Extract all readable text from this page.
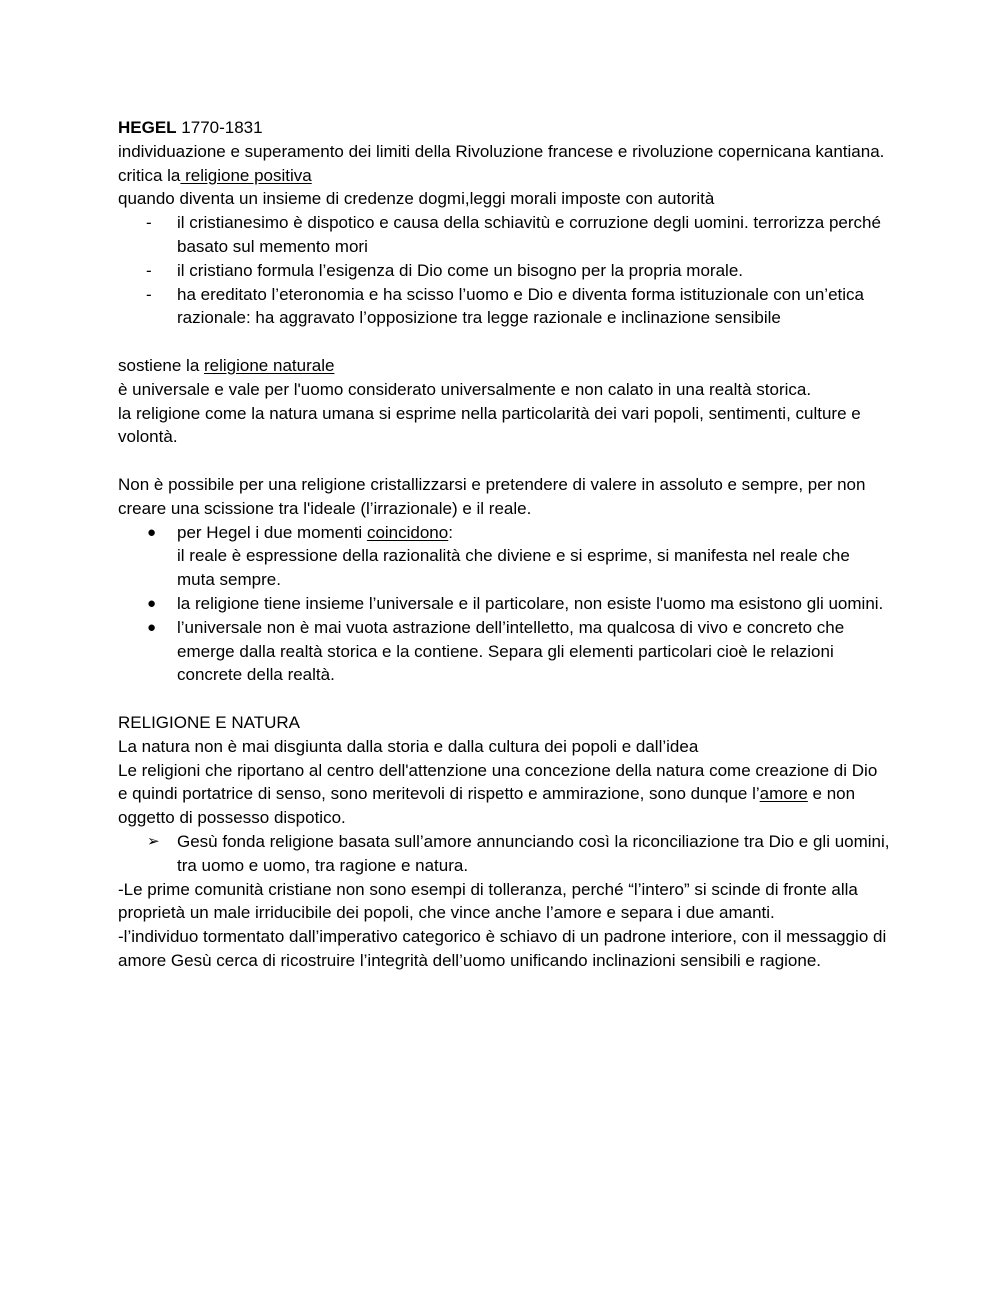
HEGEL 1770-1831

individuazione e superamento dei limiti della Rivoluzione francese e rivoluzione copernicana kantiana.

critica la religione positiva

quando diventa un insieme di credenze dogmi,leggi morali imposte con autorità

-	il cristianesimo è dispotico e causa della schiavitù e corruzione degli uomini. terrorizza perché basato sul memento mori
-	il cristiano formula l’esigenza di Dio come un bisogno per la propria morale.
-	ha ereditato l’eteronomia e ha scisso l’uomo e Dio e diventa forma istituzionale con un’etica razionale: ha aggravato l’opposizione tra legge razionale e inclinazione sensibile

sostiene la religione naturale

è universale e vale per l'uomo considerato universalmente e non calato in una realtà storica.

la religione come la natura umana si esprime nella particolarità dei vari popoli, sentimenti, culture e volontà.

Non è possibile per una religione cristallizzarsi e pretendere di valere in assoluto e sempre, per non creare una scissione tra l'ideale (l’irrazionale) e il reale.

●	per Hegel i due momenti coincidono:
il reale è espressione della razionalità che diviene e si esprime, si manifesta nel reale che muta sempre.
●	la religione tiene insieme l’universale e il particolare, non esiste l'uomo ma esistono gli uomini.
●	l’universale non è mai vuota astrazione dell’intelletto, ma qualcosa di vivo e concreto che emerge dalla realtà storica e la contiene. Separa gli elementi particolari cioè le relazioni concrete della realtà.

RELIGIONE E NATURA

La natura non è mai disgiunta dalla storia e dalla cultura dei popoli e dall’idea

Le religioni che riportano al centro dell'attenzione una concezione della natura come creazione di Dio e quindi portatrice di senso, sono meritevoli di rispetto e ammirazione, sono dunque l’amore e non oggetto di possesso dispotico.

➢	Gesù fonda religione basata sull’amore annunciando così la riconciliazione tra Dio e gli uomini, tra uomo e uomo, tra ragione e natura.

-Le prime comunità cristiane non sono esempi di tolleranza, perché “l’intero” si scinde di fronte alla proprietà un male irriducibile dei popoli, che vince anche l’amore e separa i due amanti.

-l’individuo tormentato dall’imperativo categorico è schiavo di un padrone interiore, con il messaggio di amore Gesù cerca di ricostruire l’integrità dell’uomo unificando inclinazioni sensibili e ragione.
